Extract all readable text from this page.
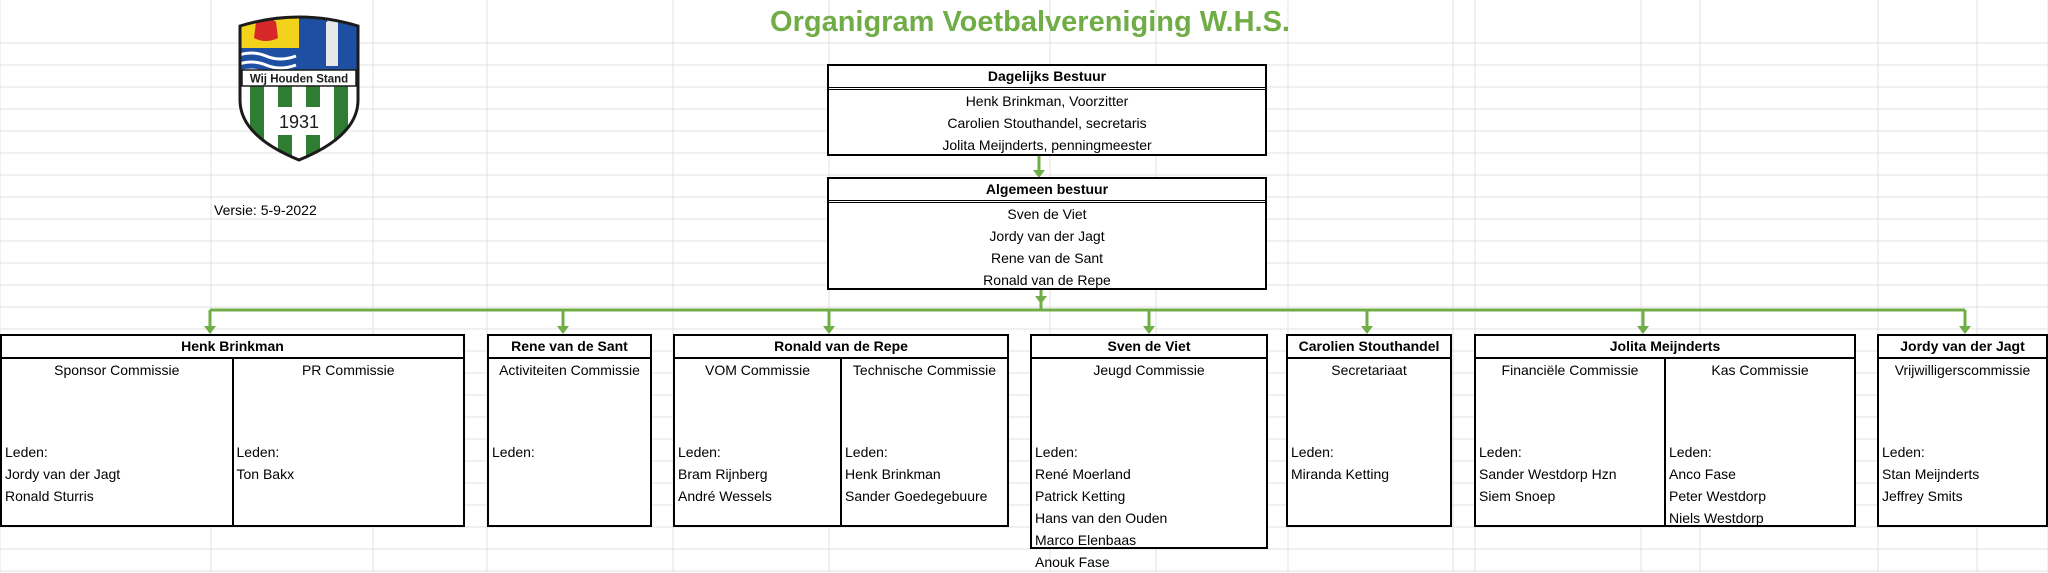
Organigram Voetbalvereniging W.H.S.
Wij Houden Stand
1931
Versie: 5-9-2022
Dagelijks Bestuur
Henk Brinkman, Voorzitter
Carolien Stouthandel, secretaris
Jolita Meijnderts, penningmeester
Algemeen bestuur
Sven de Viet
Jordy van der Jagt
Rene van de Sant
Ronald van de Repe
Henk Brinkman
Sponsor Commissie
Leden:
Jordy van der Jagt
Ronald Sturris
PR Commissie
Leden:
Ton Bakx
Rene van de Sant
Activiteiten Commissie
Leden:
Ronald van de Repe
VOM Commissie
Leden:
Bram Rijnberg
André Wessels
Technische Commissie
Leden:
Henk Brinkman
Sander Goedegebuure
Sven de Viet
Jeugd Commissie
Leden:
René Moerland
Patrick Ketting
Hans van den Ouden
Marco Elenbaas
Anouk Fase
Carolien Stouthandel
Secretariaat
Leden:
Miranda Ketting
Jolita Meijnderts
Financiële Commissie
Leden:
Sander Westdorp Hzn
Siem Snoep
Kas Commissie
Leden:
Anco Fase
Peter Westdorp
Niels Westdorp
Jordy van der Jagt
Vrijwilligerscommissie
Leden:
Stan Meijnderts
Jeffrey Smits
